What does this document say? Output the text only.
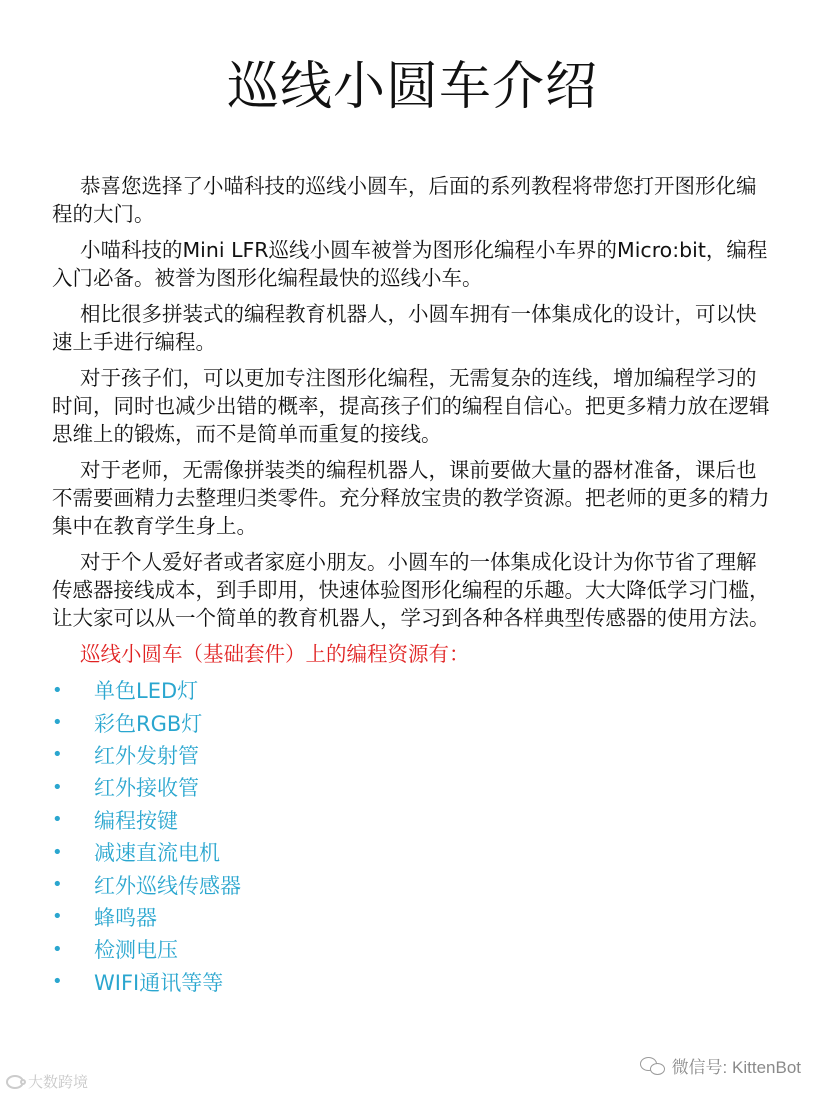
巡线小圆车介绍

恭喜您选择了小喵科技的巡线小圆车，后面的系列教程将带您打开图形化编程的大门。

小喵科技的Mini LFR巡线小圆车被誉为图形化编程小车界的Micro:bit，编程入门必备。被誉为图形化编程最快的巡线小车。

相比很多拼装式的编程教育机器人，小圆车拥有一体集成化的设计，可以快速上手进行编程。

对于孩子们，可以更加专注图形化编程，无需复杂的连线，增加编程学习的时间，同时也减少出错的概率，提高孩子们的编程自信心。把更多精力放在逻辑思维上的锻炼，而不是简单而重复的接线。

对于老师，无需像拼装类的编程机器人，课前要做大量的器材准备，课后也不需要画精力去整理归类零件。充分释放宝贵的教学资源。把老师的更多的精力集中在教育学生身上。

对于个人爱好者或者家庭小朋友。小圆车的一体集成化设计为你节省了理解传感器接线成本，到手即用，快速体验图形化编程的乐趣。大大降低学习门槛，让大家可以从一个简单的教育机器人，学习到各种各样典型传感器的使用方法。

巡线小圆车（基础套件）上的编程资源有：
•	单色LED灯
•	彩色RGB灯
•	红外发射管
•	红外接收管
•	编程按键
•	减速直流电机
•	红外巡线传感器
•	蜂鸣器
•	检测电压
•	WIFI通讯等等
微信号: KittenBot
大数跨境
